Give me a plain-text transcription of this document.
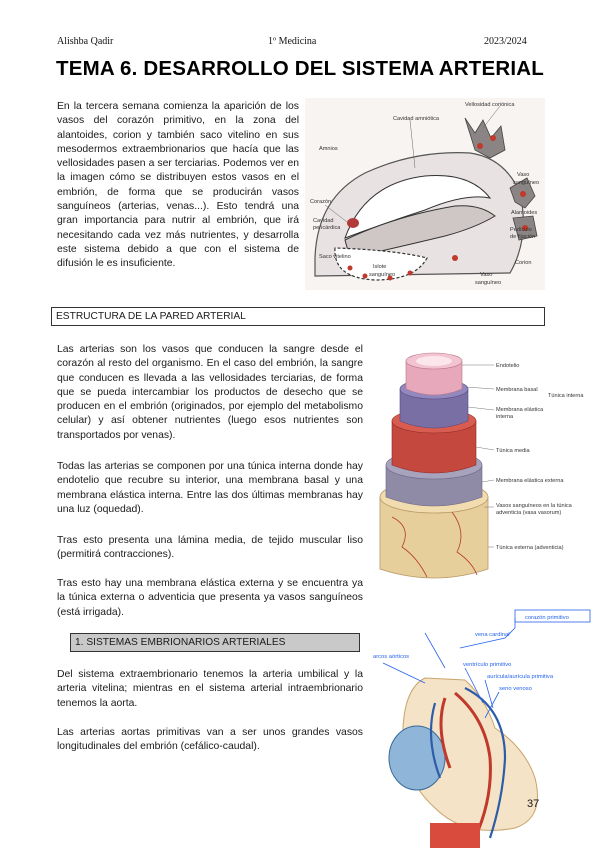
Alishba Qadir	1º Medicina	2023/2024
TEMA 6. DESARROLLO DEL SISTEMA ARTERIAL

En la tercera semana comienza la aparición de los vasos del corazón primitivo, en la zona del alantoides, corion y también saco vitelino en sus mesodermos extraembrionarios que hacía que las vellosidades pasen a ser terciarias. Podemos ver en la imagen cómo se distribuyen estos vasos en el embrión, de forma que se producirán vasos sanguíneos (arterias, venas...). Esto tendrá una gran importancia para nutrir al embrión, que irá necesitando cada vez más nutrientes, y desarrolla este sistema debido a que con el sistema de difusión le es insuficiente.

Vellosidad coriónica
Cavidad amniótica
Amnios
Corazón
Cavidad
pericárdica
Saco vitelino
Islote
sanguíneo	Vaso
sanguíneo
Vaso
sanguíneo
Alantoides
Pedículo
de fijación
Corion
ESTRUCTURA DE LA PARED ARTERIAL

Las arterias son los vasos que conducen la sangre desde el corazón al resto del organismo. En el caso del embrión, la sangre que conducen es llevada a las vellosidades terciarias, de forma que se pueda intercambiar los productos de desecho que se producen en el embrión (originados, por ejemplo del metabolismo celular) y así obtener nutrientes (luego esos nutrientes son transportados por venas).

Todas las arterias se componen por una túnica interna donde hay endotelio que recubre su interior, una membrana basal y una membrana elástica interna. Entre las dos últimas membranas hay una luz (oquedad).

Tras esto presenta una lámina media, de tejido muscular liso (permitirá contracciones).

Tras esto hay una membrana elástica externa y se encuentra ya la túnica externa o adventicia que presenta ya vasos sanguíneos (está irrigada).

Endotelio
Membrana basal
Túnica interna
Membrana elástica
interna
Túnica media
Membrana elástica externa
Vasos sanguíneos en la túnica
adventicia (vasa vasorum)
Túnica externa (adventicia)
1. SISTEMAS EMBRIONARIOS ARTERIALES

Del sistema extraembrionario tenemos la arteria umbilical y la arteria vitelina; mientras en el sistema arterial intraembrionario tenemos la aorta.

Las arterias aortas primitivas van a ser unos grandes vasos longitudinales del embrión (cefálico-caudal).

corazón primitivo
vena cardinal
arcos aórticos
ventrículo primitivo
aurícula/aurícula primitiva
seno venoso
37
